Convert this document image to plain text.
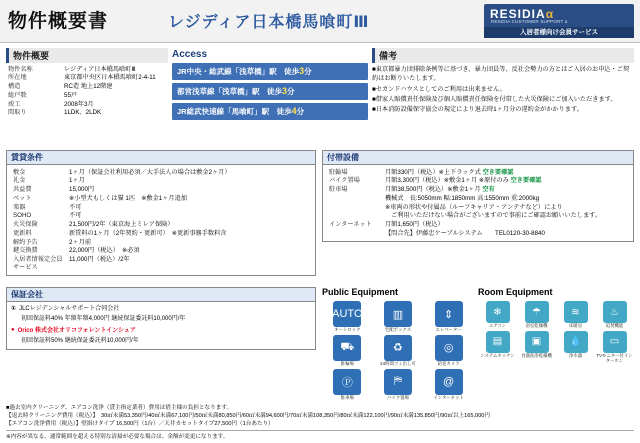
物件概要書	レジディア日本橋馬喰町Ⅲ	RESIDIAα
RESIDIA CUSTOMER SUPPORT α
入居者様向け会員サービス
物件概要
物件名称	レジディア日本橋馬喰町Ⅲ
所在地	東京都中央区日本橋馬喰町2-4-11
構造	RC造 地上12階建
総戸数	55戸
竣工	2008年3月
間取り	1LDK、2LDK
Access
JR中央・総武線「浅草橋」駅　徒歩3分
都営浅草線「浅草橋」駅　徒歩3分
JR総武快速線「馬喰町」駅　徒歩4分
備考
■東京都暴力団排除条例等に基づき、暴力団員等、反社会勢力の方とはご入居のお申込・ご契約はお断りいたします。
■セカンドハウスとしてのご利用は出来ません。
■借家人賠償責任保険及び個人賠償責任保険を付帯した火災保険にご加入いただきます。
■日本消防設備保守協会の規定により退去時1ヶ月分の違約金がかかります。
賃貸条件
敷金	1ヶ月（保証会社利用必須／大手法人の場合は敷金2ヶ月）
礼金	1ヶ月
共益費	15,000円
ペット	※小型犬もしくは猫 1匹　※敷金1ヶ月追加
楽器	不可
SOHO	不可
火災保険	21,500円/2年（東京海上ミレア保険）
更新料	新賃料の1ヶ月（2年契約・更新可）　※更新事務手数料含
解約予告	2ヶ月前
鍵交換費	22,000円（税込）　※必須
入居者情報定会員サービス	11,000円（税込）/2年
付帯設備
駐輪場	月額330円（税込）※上下ラック式 空き要確認
バイク置場	月額3,300円（税込）※敷金1ヶ月 ※原付のみ 空き要確認
駐車場	月額38,500円（税込）※敷金1ヶ月 空有
	機械式　長:5050mm 幅:1850mm 高:1550mm 重:2000kg
	※車両の形状や付属品（ルーフキャリア・アンテナなど）により
	　ご利用いただけない場合がございますので事前にご確認お願いいたします。
インターネット	月額1,650円（税込）
	【問合先】伊藤忠ケーブルシステム　　TEL0120-30-8840
保証会社
① JLCレジデンシャルサポート合同会社
初回保証料40% 年額年額4,000円 継続保証委託料10,000円/年
● Orico 株式会社オリコフォレントインシュア
初回保証料50% 継続保証委託料10,000円/年
Public Equipment
AUTO
オートロック
▥
宅配ボックス
⇕
エレベーター
⛟
駐輪場
♻
24時間ゴミ出し可
◎
防犯カメラ
Ⓟ
駐車場
⛿
バイク置場
@
インターネット
Room Equipment
❄
エアコン
☂
浴室乾燥機
≋
床暖房
♨
追焚機能
▤
システムキッチン
▣
食器洗浄乾燥機
💧
浄水器
▭
TVモニター付インターホン
■過去室内クリーニング、エアコン洗浄（貸主指定業者）費用は借主様の負担となります。
【退去時クリーニング費用（税込）】　30㎡未満53,350円/40㎡未満67,100円/50㎡未満80,850円/60㎡未満94,600円/70㎡未満108,350円/80㎡未満122,100円/90㎡未満135,850円/90㎡以上165,000円
【エアコン洗浄費用（税込）】壁掛けタイプ 16,500円（1台）／天井カセットタイプ27,500円（1台あたり）
※内容が異なる、通常範囲を超える特別な清掃が必要な場合は、金額が変更になります。
